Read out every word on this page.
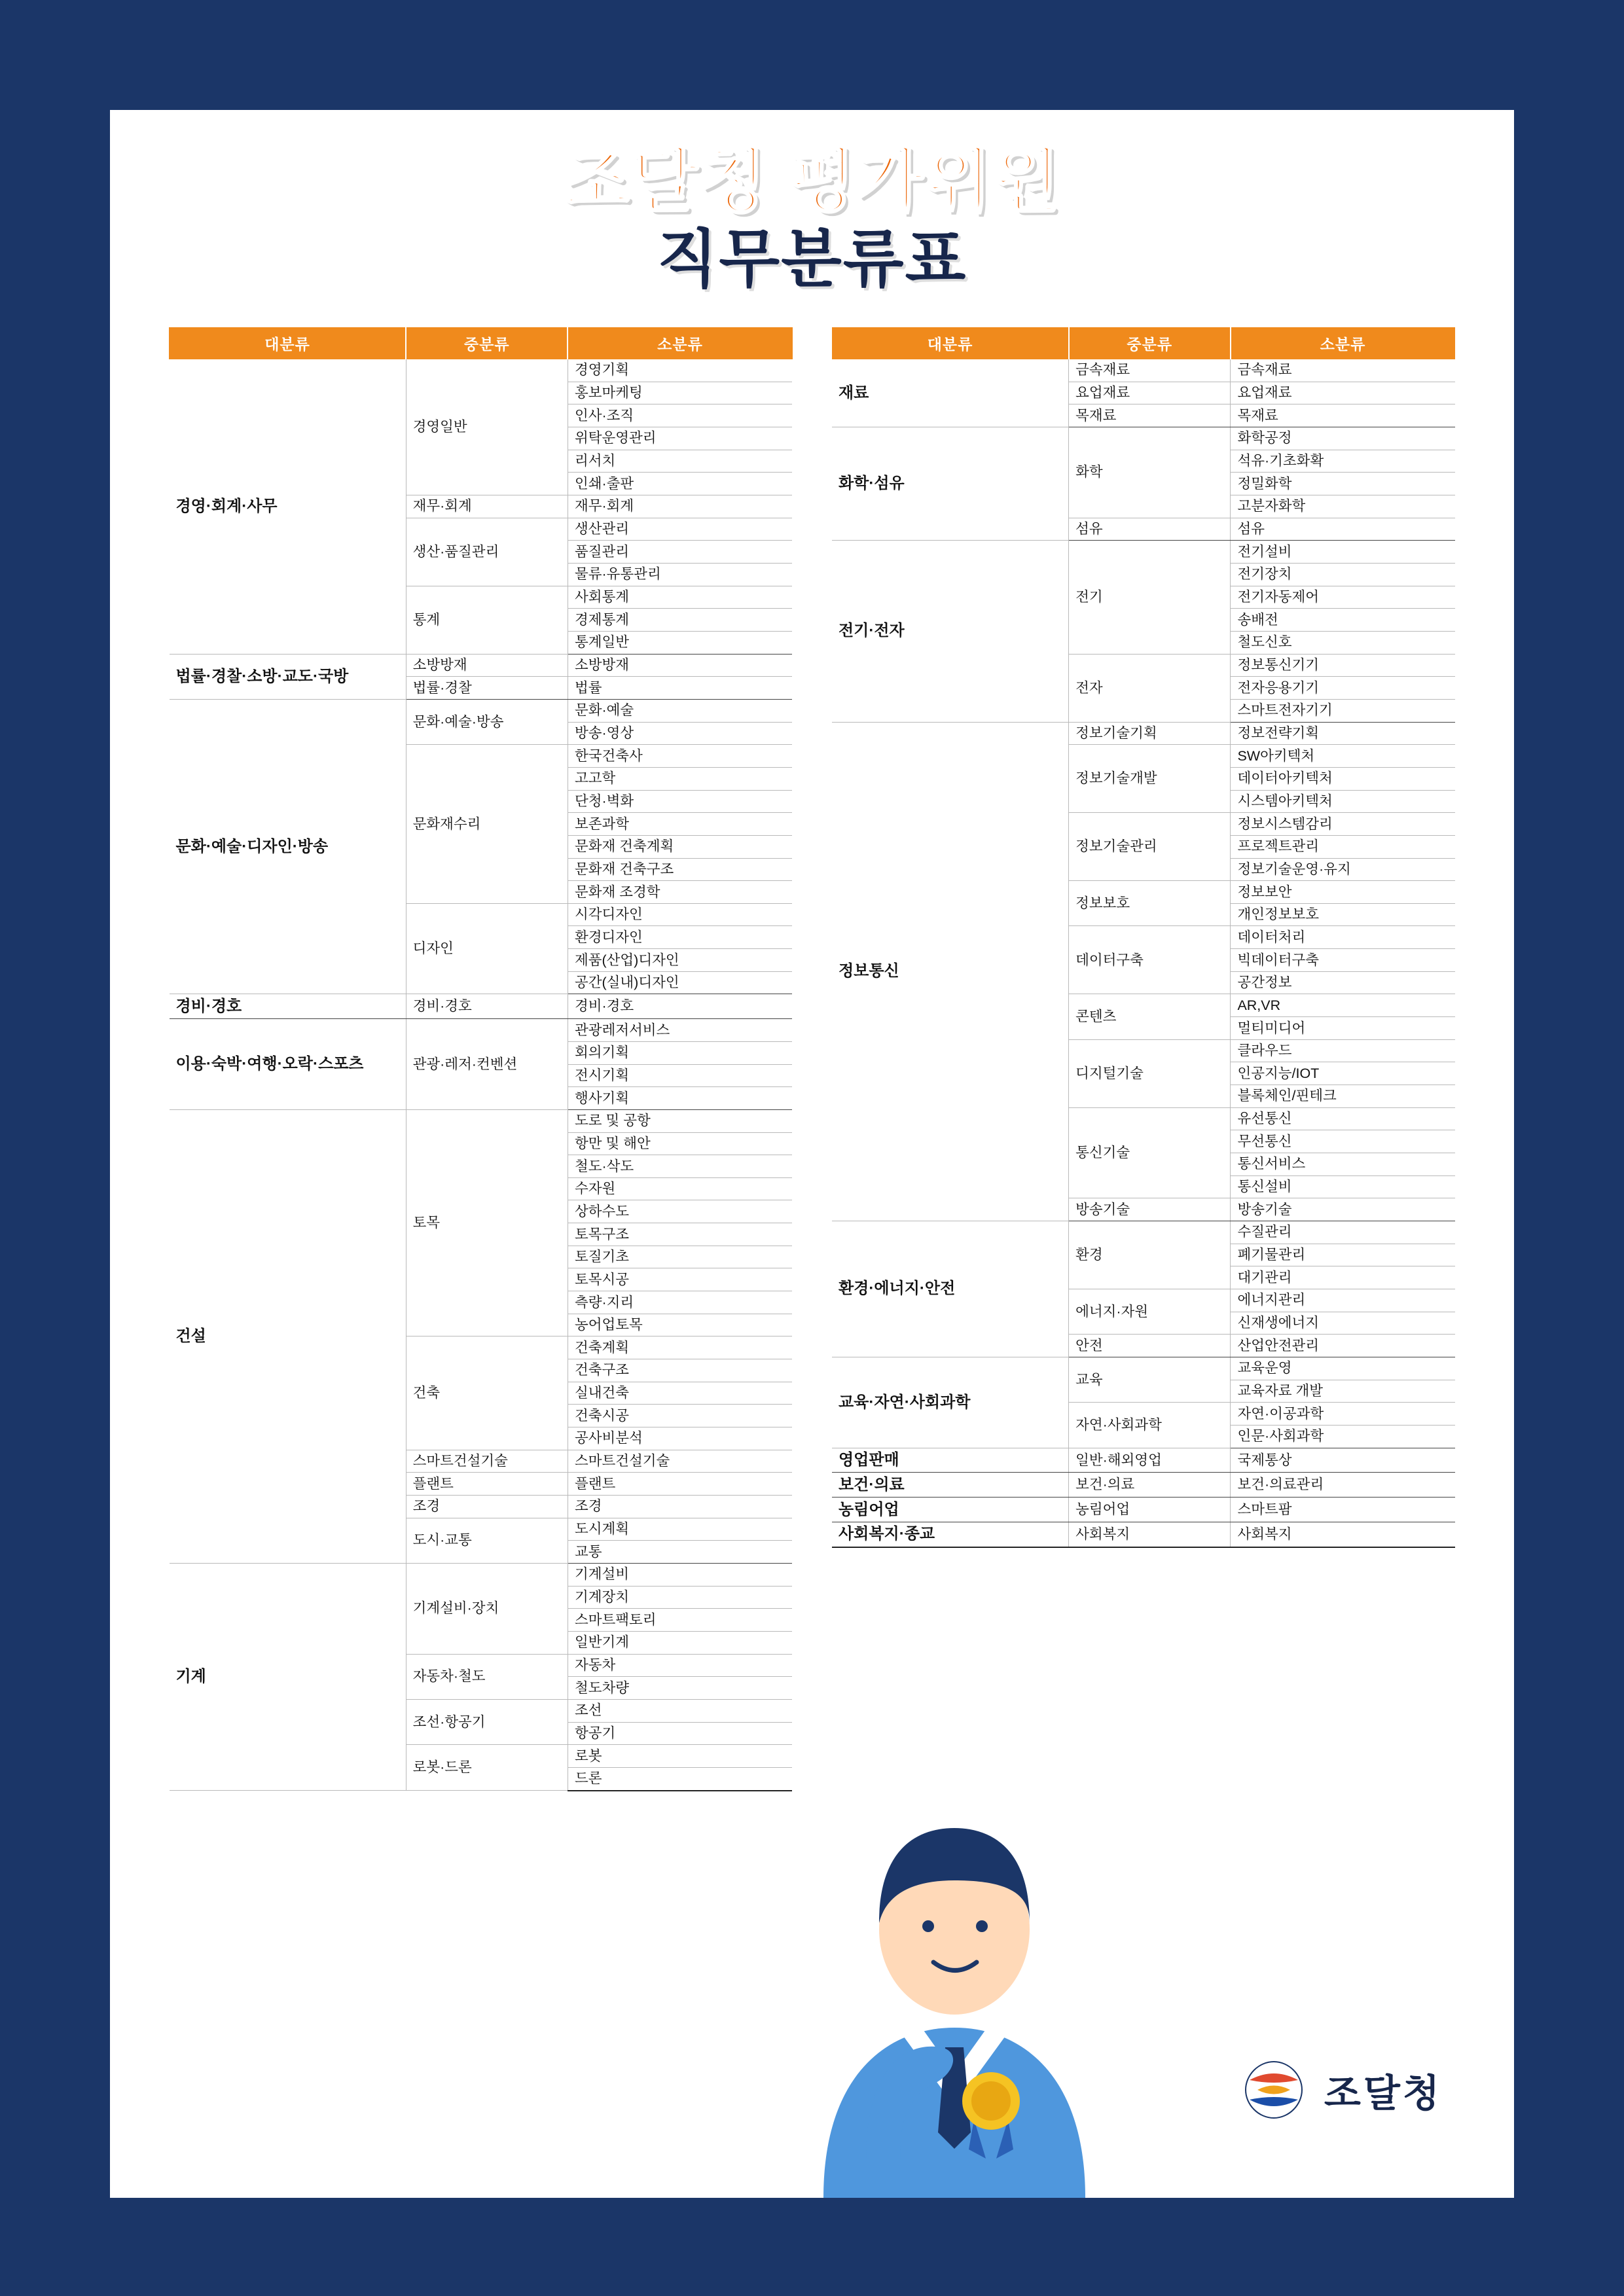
조달청 평가위원
직무분류표
대분류	중분류	소분류
경영·회계·사무	경영일반	경영기획
		홍보마케팅
		인사·조직
		위탁운영관리
		리서치
		인쇄·출판
	재무·회계	재무·회계
	생산·품질관리	생산관리
		품질관리
		물류·유통관리
	통계	사회통계
		경제통계
		통계일반
법률·경찰·소방·교도·국방	소방방재	소방방재
	법률·경찰	법률
문화·예술·디자인·방송	문화·예술·방송	문화·예술
		방송·영상
	문화재수리	한국건축사
		고고학
		단청·벽화
		보존과학
		문화재 건축계획
		문화재 건축구조
		문화재 조경학
	디자인	시각디자인
		환경디자인
		제품(산업)디자인
		공간(실내)디자인
경비·경호	경비·경호	경비·경호
이용·숙박·여행·오락·스포츠	관광·레저·컨벤션	관광레저서비스
		회의기획
		전시기획
		행사기획
건설	토목	도로 및 공항
		항만 및 해안
		철도·삭도
		수자원
		상하수도
		토목구조
		토질기초
		토목시공
		측량·지리
		농어업토목
	건축	건축계획
		건축구조
		실내건축
		건축시공
		공사비분석
	스마트건설기술	스마트건설기술
	플랜트	플랜트
	조경	조경
	도시·교통	도시계획
		교통
기계	기계설비·장치	기계설비
		기계장치
		스마트팩토리
		일반기계
	자동차·철도	자동차
		철도차량
	조선·항공기	조선
		항공기
	로봇·드론	로봇
		드론
대분류	중분류	소분류
재료	금속재료	금속재료
	요업재료	요업재료
	목재료	목재료
화학·섬유	화학	화학공정
		석유·기초화확
		정밀화학
		고분자화학
	섬유	섬유
전기·전자	전기	전기설비
		전기장치
		전기자동제어
		송배전
		철도신호
	전자	정보통신기기
		전자응용기기
		스마트전자기기
정보통신	정보기술기획	정보전략기획
	정보기술개발	SW아키텍처
		데이터아키텍처
		시스템아키텍처
	정보기술관리	정보시스템감리
		프로젝트관리
		정보기술운영·유지
	정보보호	정보보안
		개인정보보호
	데이터구축	데이터처리
		빅데이터구축
		공간정보
	콘텐츠	AR,VR
		멀티미디어
	디지털기술	클라우드
		인공지능/IOT
		블록체인/핀테크
	통신기술	유선통신
		무선통신
		통신서비스
		통신설비
	방송기술	방송기술
환경·에너지·안전	환경	수질관리
		폐기물관리
		대기관리
	에너지·자원	에너지관리
		신재생에너지
	안전	산업안전관리
교육·자연·사회과학	교육	교육운영
		교육자료 개발
	자연·사회과학	자연·이공과학
		인문·사회과학
영업판매	일반·해외영업	국제통상
보건·의료	보건·의료	보건·의료관리
농림어업	농림어업	스마트팜
사회복지·종교	사회복지	사회복지
조달청
